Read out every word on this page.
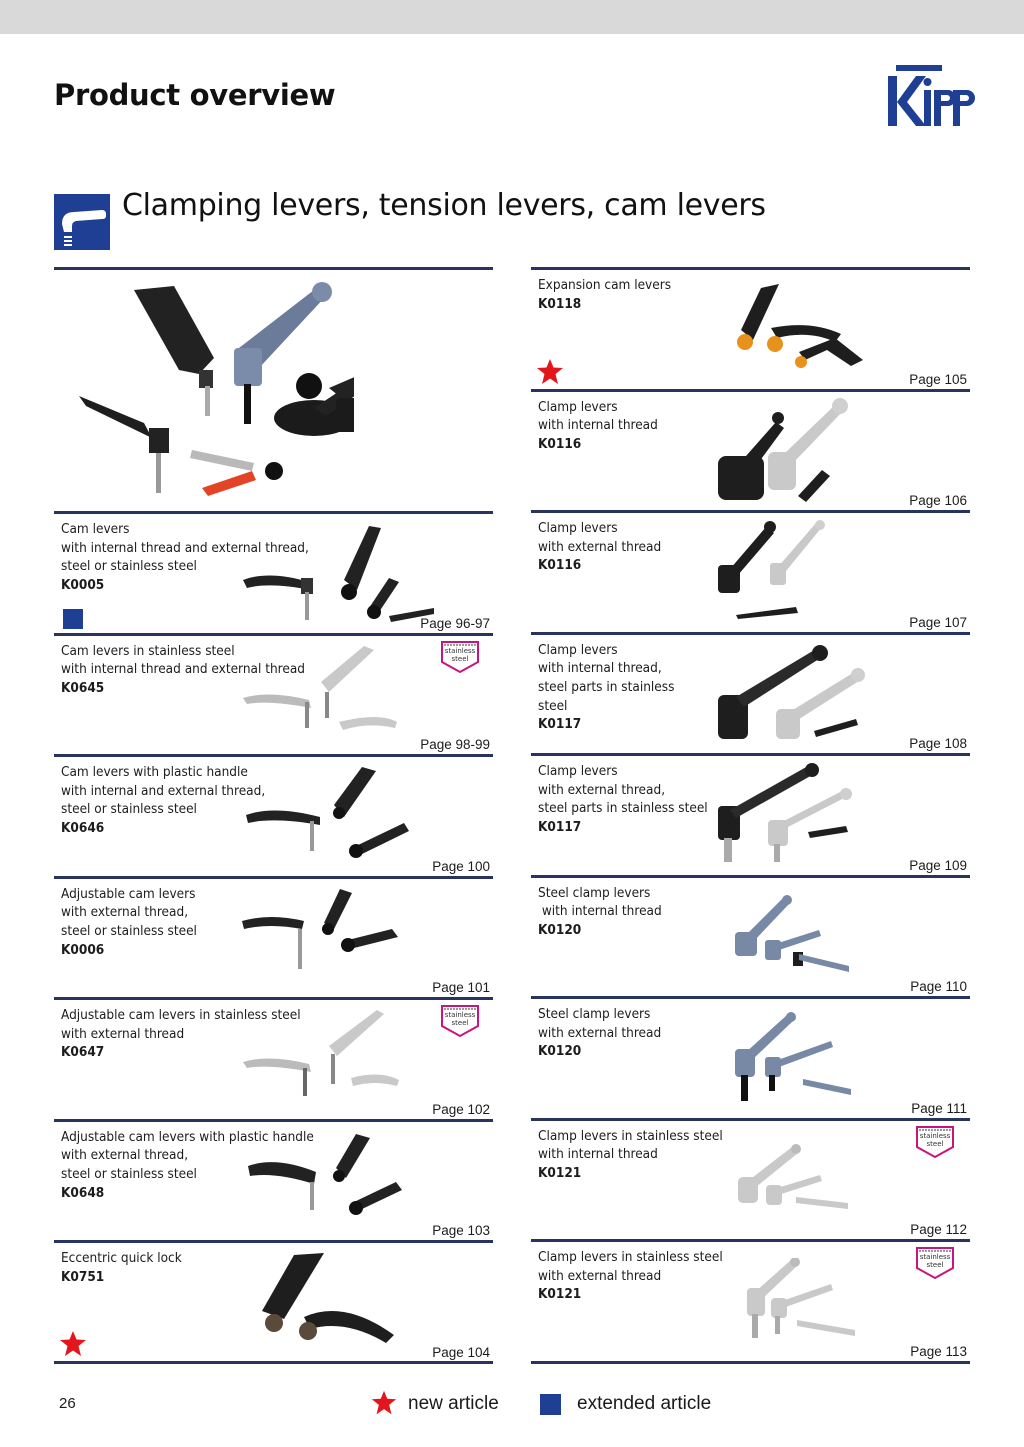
Product overview
Clamping levers, tension levers, cam levers
Cam levers
with internal thread and external thread,
steel or stainless steel
K0005
Page 96-97
Cam levers in stainless steel
with internal thread and external thread
K0645
stainless
steel
Page 98-99
Cam levers with plastic handle
with internal and external thread,
steel or stainless steel
K0646
Page 100
Adjustable cam levers
with external thread,
steel or stainless steel
K0006
Page 101
Adjustable cam levers in stainless steel
with external thread
K0647
stainless
steel
Page 102
Adjustable cam levers with plastic handle
with external thread,
steel or stainless steel
K0648
Page 103
Eccentric quick lock
K0751
Page 104
Expansion cam levers
K0118
Page 105
Clamp levers
with internal thread
K0116
Page 106
Clamp levers
with external thread
K0116
Page 107
Clamp levers
with internal thread,
steel parts in stainless
steel
K0117
Page 108
Clamp levers
with external thread,
steel parts in stainless steel
K0117
Page 109
Steel clamp levers
with internal thread
K0120
Page 110
Steel clamp levers
with external thread
K0120
Page 111
Clamp levers in stainless steel
with internal thread
K0121
stainless
steel
Page 112
Clamp levers in stainless steel
with external thread
K0121
stainless
steel
Page 113
26	new article	extended article
